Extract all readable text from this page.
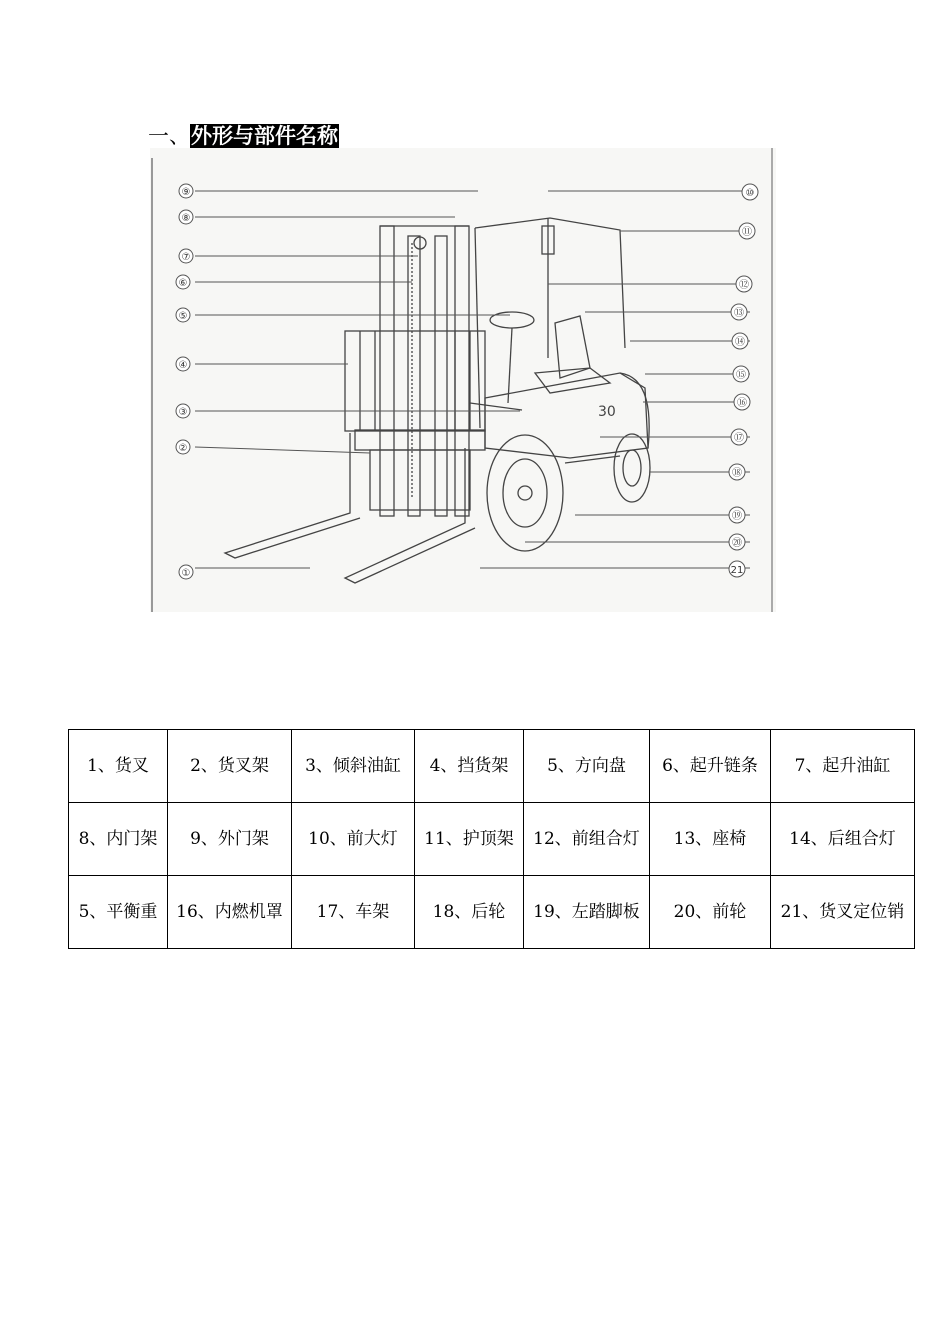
一、外形与部件名称
30
①
②
③
④
⑤
⑥
⑦
⑧
⑨	⑩
⑪
⑫
⑬
⑭
⑮
⑯
⑰
⑱
⑲
⑳
21
1、货叉	2、货叉架	3、倾斜油缸	4、挡货架	5、方向盘	6、起升链条	7、起升油缸
8、内门架	9、外门架	10、前大灯	11、护顶架	12、前组合灯	13、座椅	14、后组合灯
5、平衡重	16、内燃机罩	17、车架	18、后轮	19、左踏脚板	20、前轮	21、货叉定位销
